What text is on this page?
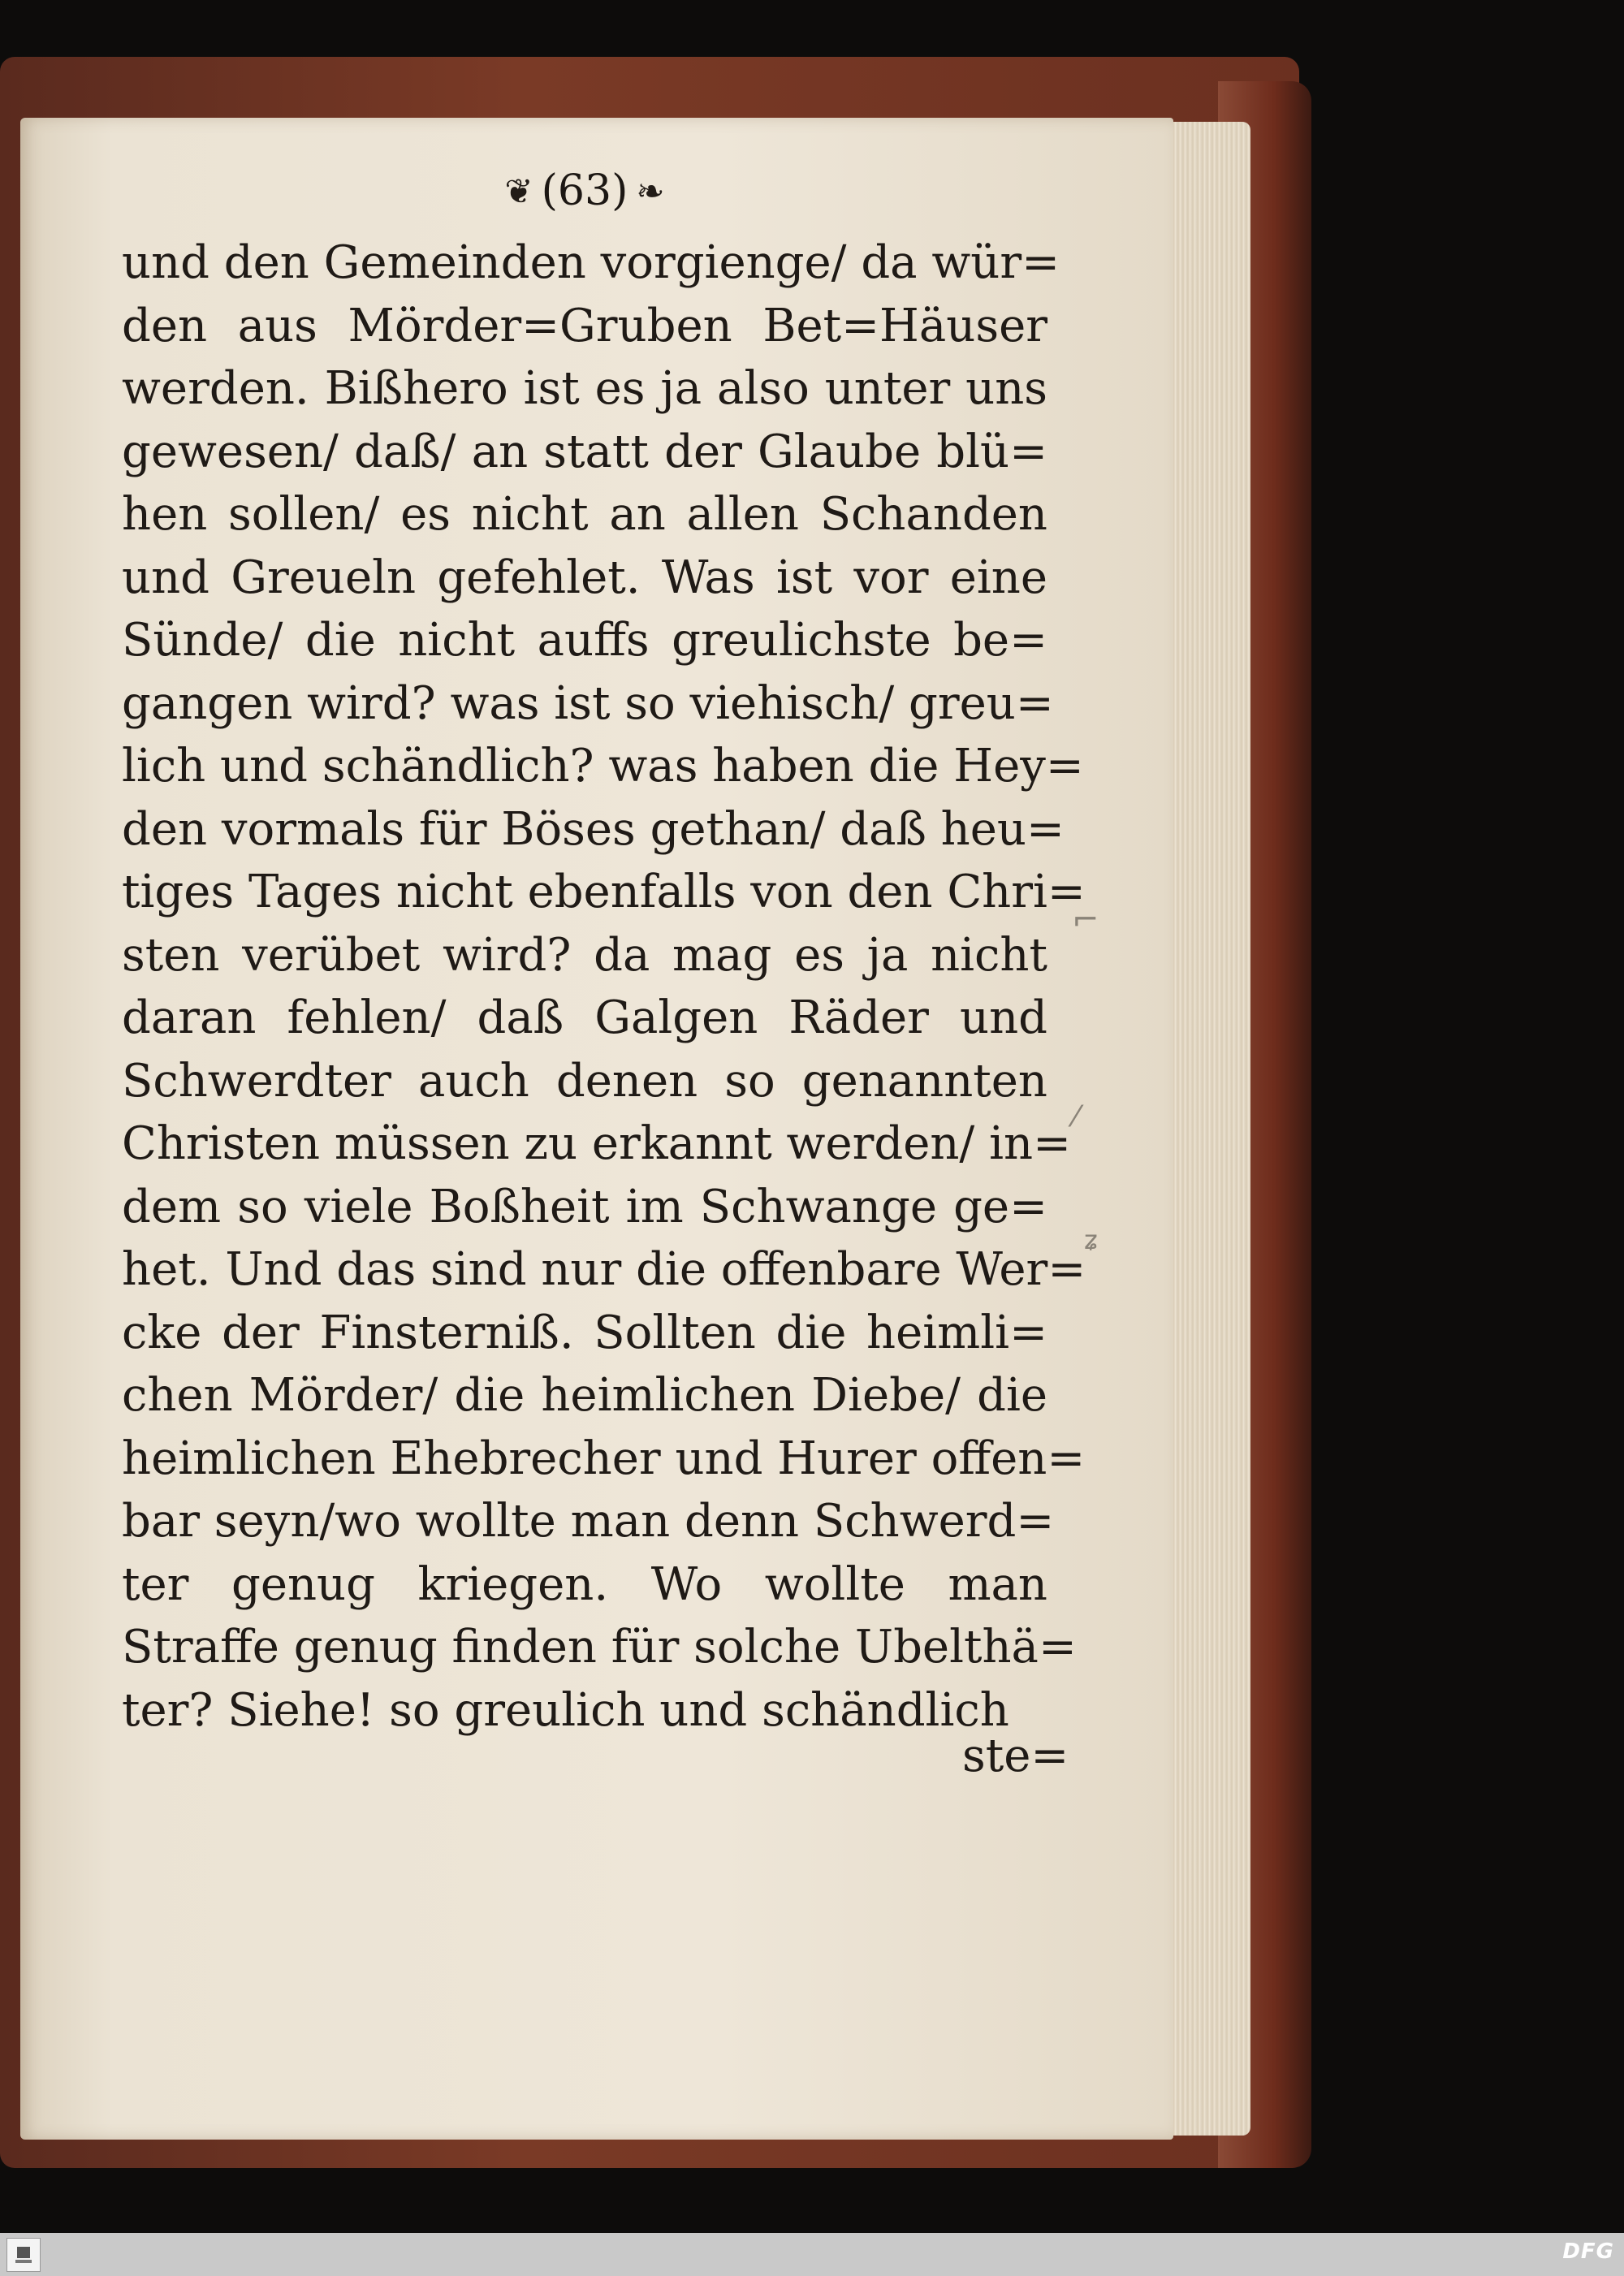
❦ (63) ❧
und den Gemeinden vorgienge/ da wür=
den aus Mörder=Gruben Bet=Häuser
werden. Bißhero ist es ja also unter uns
gewesen/ daß/ an statt der Glaube blü=
hen sollen/ es nicht an allen Schanden
und Greueln gefehlet. Was ist vor eine
Sünde/ die nicht auffs greulichste be=
gangen wird? was ist so viehisch/ greu=
lich und schändlich? was haben die Hey=
den vormals für Böses gethan/ daß heu=
tiges Tages nicht ebenfalls von den Chri=
sten verübet wird? da mag es ja nicht
daran fehlen/ daß Galgen Räder und
Schwerdter auch denen so genannten
Christen müssen zu erkannt werden/ in=
dem so viele Boßheit im Schwange ge=
het. Und das sind nur die offenbare Wer=
cke der Finsterniß. Sollten die heimli=
chen Mörder/ die heimlichen Diebe/ die
heimlichen Ehebrecher und Hurer offen=
bar seyn/wo wollte man denn Schwerd=
ter genug kriegen. Wo wollte man
Straffe genug finden für solche Ubelthä=
ter? Siehe! so greulich und schändlich
ste=
⌐
⁄
ʑ
DFG
